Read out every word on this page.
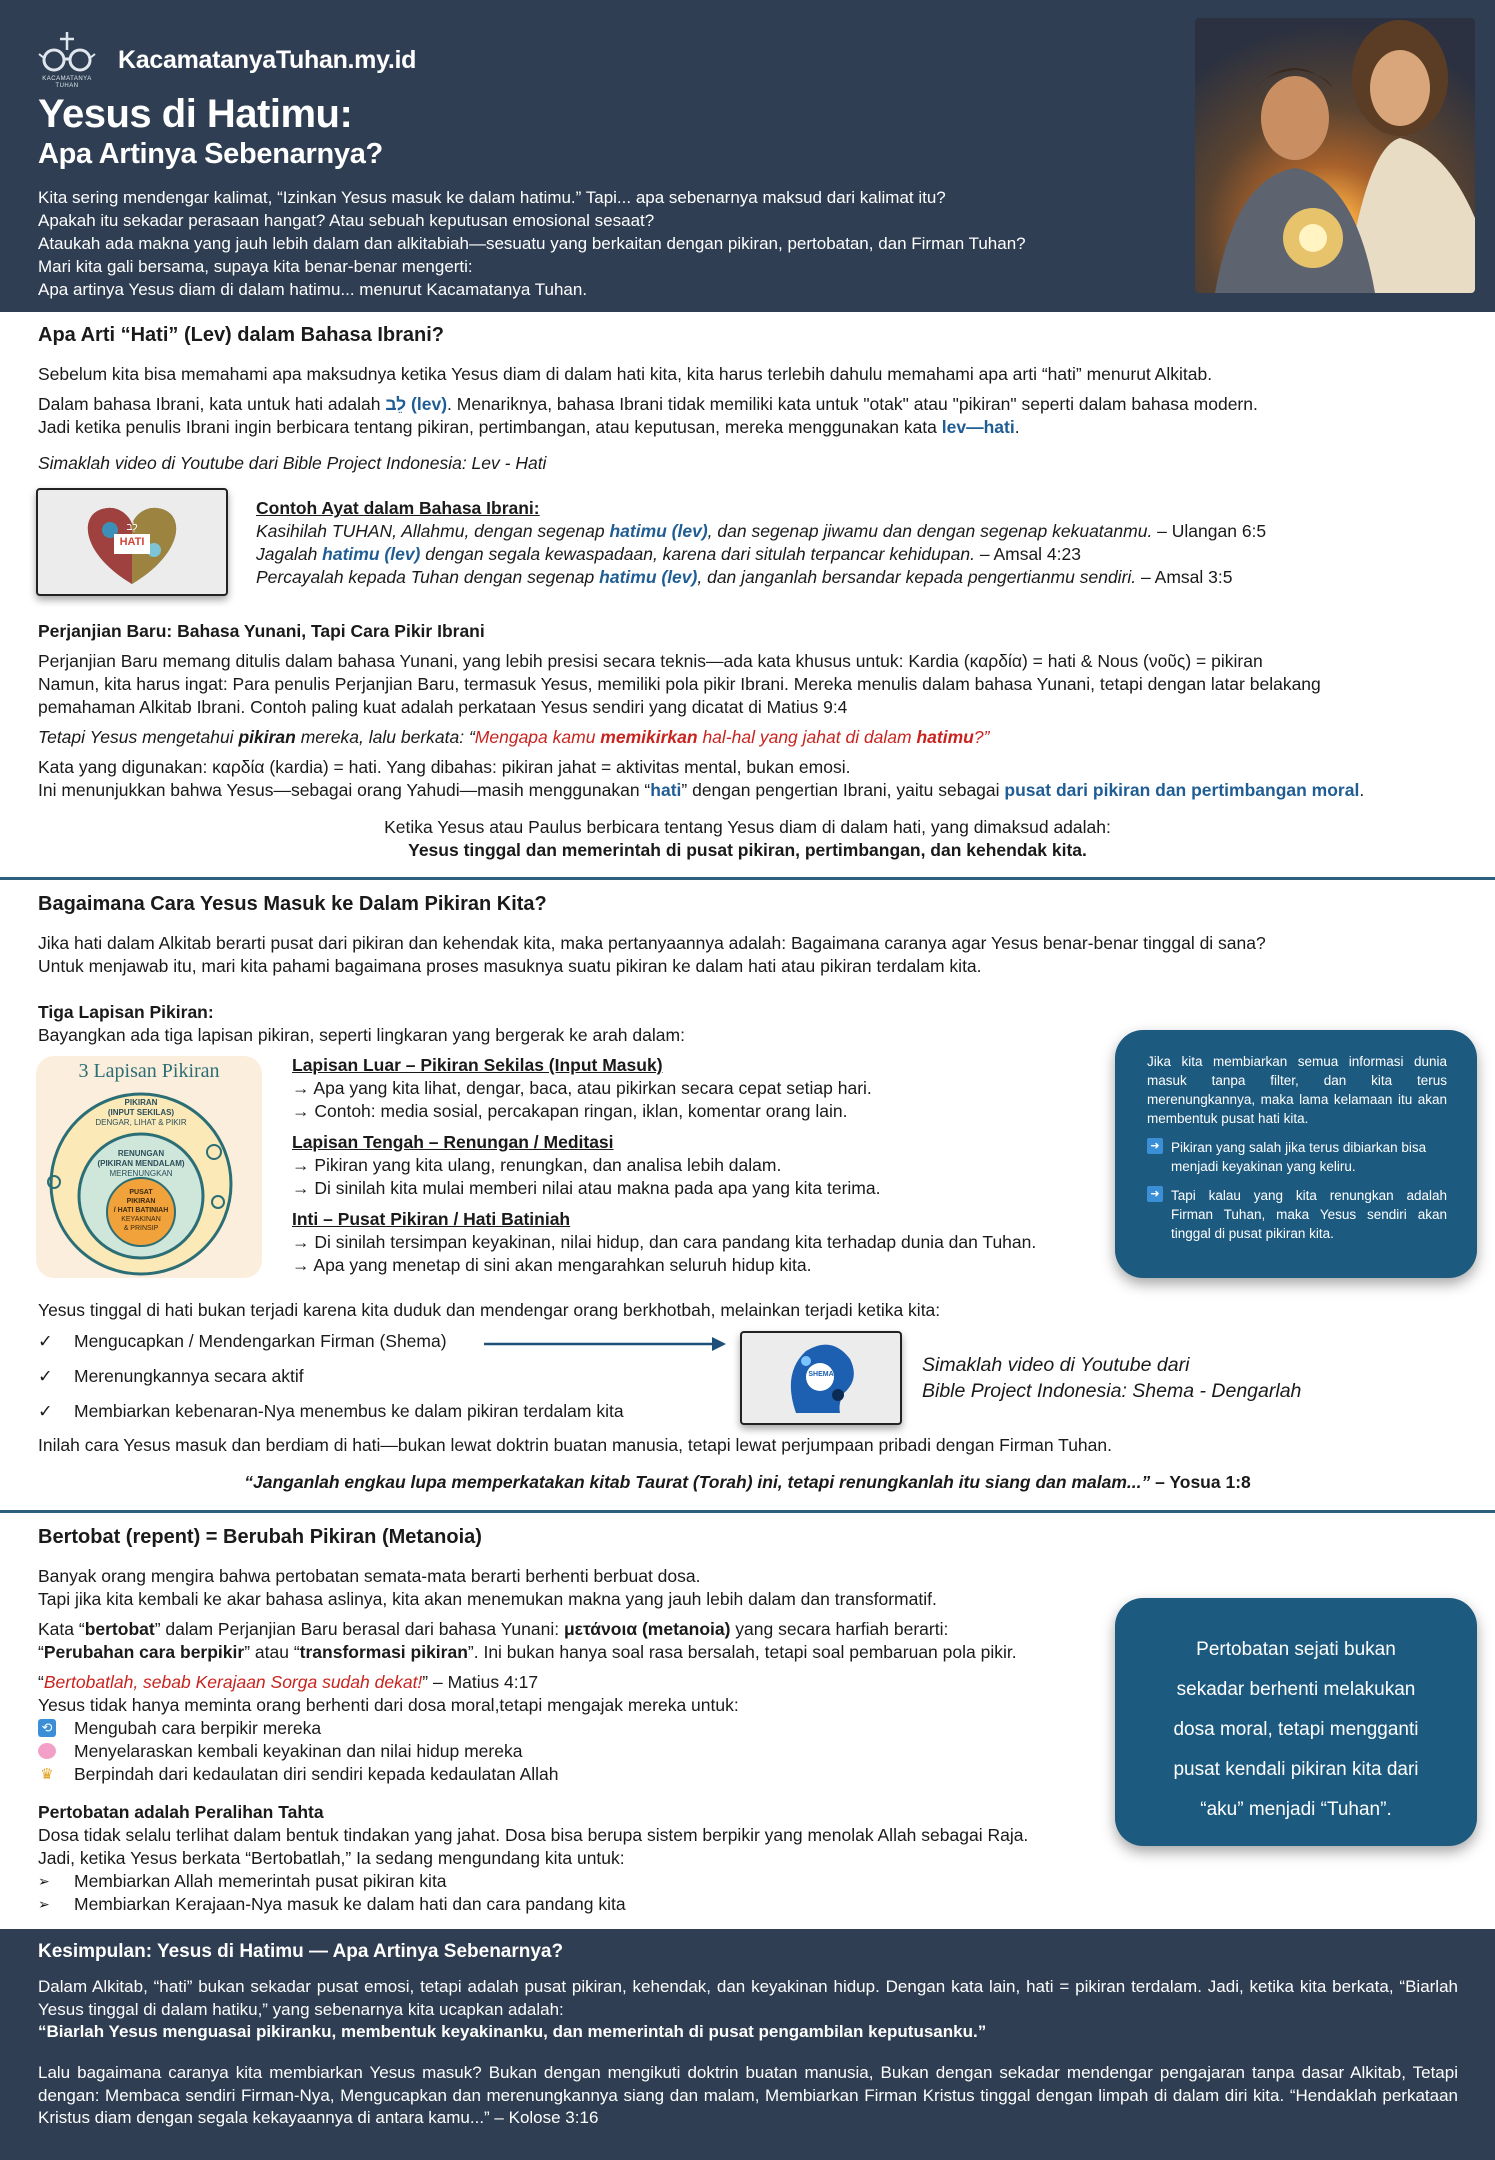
KACAMATANYA TUHAN
KacamatanyaTuhan.my.id
Yesus di Hatimu:
Apa Artinya Sebenarnya?
Kita sering mendengar kalimat, “Izinkan Yesus masuk ke dalam hatimu.” Tapi... apa sebenarnya maksud dari kalimat itu?
Apakah itu sekadar perasaan hangat? Atau sebuah keputusan emosional sesaat?
Ataukah ada makna yang jauh lebih dalam dan alkitabiah—sesuatu yang berkaitan dengan pikiran, pertobatan, dan Firman Tuhan?
Mari kita gali bersama, supaya kita benar-benar mengerti:
Apa artinya Yesus diam di dalam hatimu... menurut Kacamatanya Tuhan.
Apa Arti “Hati” (Lev) dalam Bahasa Ibrani?
Sebelum kita bisa memahami apa maksudnya ketika Yesus diam di dalam hati kita, kita harus terlebih dahulu memahami apa arti “hati” menurut Alkitab.
Dalam bahasa Ibrani, kata untuk hati adalah לֵב (lev). Menariknya, bahasa Ibrani tidak memiliki kata untuk "otak" atau "pikiran" seperti dalam bahasa modern.
Jadi ketika penulis Ibrani ingin berbicara tentang pikiran, pertimbangan, atau keputusan, mereka menggunakan kata lev—hati.
Simaklah video di Youtube dari Bible Project Indonesia: Lev - Hati
HATI
לֵב
Contoh Ayat dalam Bahasa Ibrani:
Kasihilah TUHAN, Allahmu, dengan segenap hatimu (lev), dan segenap jiwamu dan dengan segenap kekuatanmu. – Ulangan 6:5
Jagalah hatimu (lev) dengan segala kewaspadaan, karena dari situlah terpancar kehidupan. – Amsal 4:23
Percayalah kepada Tuhan dengan segenap hatimu (lev), dan janganlah bersandar kepada pengertianmu sendiri. – Amsal 3:5
Perjanjian Baru: Bahasa Yunani, Tapi Cara Pikir Ibrani
Perjanjian Baru memang ditulis dalam bahasa Yunani, yang lebih presisi secara teknis—ada kata khusus untuk: Kardia (καρδία) = hati & Nous (νοῦς) = pikiran
Namun, kita harus ingat: Para penulis Perjanjian Baru, termasuk Yesus, memiliki pola pikir Ibrani. Mereka menulis dalam bahasa Yunani, tetapi dengan latar belakang
pemahaman Alkitab Ibrani. Contoh paling kuat adalah perkataan Yesus sendiri yang dicatat di Matius 9:4
Tetapi Yesus mengetahui pikiran mereka, lalu berkata: “Mengapa kamu memikirkan hal-hal yang jahat di dalam hatimu?”
Kata yang digunakan: καρδία (kardia) = hati. Yang dibahas: pikiran jahat = aktivitas mental, bukan emosi.
Ini menunjukkan bahwa Yesus—sebagai orang Yahudi—masih menggunakan “hati” dengan pengertian Ibrani, yaitu sebagai pusat dari pikiran dan pertimbangan moral.
Ketika Yesus atau Paulus berbicara tentang Yesus diam di dalam hati, yang dimaksud adalah:
Yesus tinggal dan memerintah di pusat pikiran, pertimbangan, dan kehendak kita.
Bagaimana Cara Yesus Masuk ke Dalam Pikiran Kita?
Jika hati dalam Alkitab berarti pusat dari pikiran dan kehendak kita, maka pertanyaannya adalah: Bagaimana caranya agar Yesus benar-benar tinggal di sana?
Untuk menjawab itu, mari kita pahami bagaimana proses masuknya suatu pikiran ke dalam hati atau pikiran terdalam kita.
Tiga Lapisan Pikiran:
Bayangkan ada tiga lapisan pikiran, seperti lingkaran yang bergerak ke arah dalam:
3 Lapisan Pikiran
PIKIRAN
(INPUT SEKILAS)
DENGAR, LIHAT & PIKIR
RENUNGAN
(PIKIRAN MENDALAM)
MERENUNGKAN
PUSAT
PIKIRAN
/ HATI BATINIAH
KEYAKINAN
& PRINSIP
Lapisan Luar – Pikiran Sekilas (Input Masuk)
→ Apa yang kita lihat, dengar, baca, atau pikirkan secara cepat setiap hari.
→ Contoh: media sosial, percakapan ringan, iklan, komentar orang lain.
Lapisan Tengah – Renungan / Meditasi
→ Pikiran yang kita ulang, renungkan, dan analisa lebih dalam.
→ Di sinilah kita mulai memberi nilai atau makna pada apa yang kita terima.
Inti – Pusat Pikiran / Hati Batiniah
→ Di sinilah tersimpan keyakinan, nilai hidup, dan cara pandang kita terhadap dunia dan Tuhan.
→ Apa yang menetap di sini akan mengarahkan seluruh hidup kita.
Jika kita membiarkan semua informasi dunia masuk tanpa filter, dan kita terus merenungkannya, maka lama kelamaan itu akan membentuk pusat hati kita.
➜ Pikiran yang salah jika terus dibiarkan bisa menjadi keyakinan yang keliru.
➜ Tapi kalau yang kita renungkan adalah Firman Tuhan, maka Yesus sendiri akan tinggal di pusat pikiran kita.
Yesus tinggal di hati bukan terjadi karena kita duduk dan mendengar orang berkhotbah, melainkan terjadi ketika kita:
✓	Mengucapkan / Mendengarkan Firman (Shema)
✓	Merenungkannya secara aktif
✓	Membiarkan kebenaran-Nya menembus ke dalam pikiran terdalam kita
SHEMA	Simaklah video di Youtube dari
Bible Project Indonesia: Shema - Dengarlah
Inilah cara Yesus masuk dan berdiam di hati—bukan lewat doktrin buatan manusia, tetapi lewat perjumpaan pribadi dengan Firman Tuhan.
“Janganlah engkau lupa memperkatakan kitab Taurat (Torah) ini, tetapi renungkanlah itu siang dan malam...” – Yosua 1:8
Bertobat (repent) = Berubah Pikiran (Metanoia)
Banyak orang mengira bahwa pertobatan semata-mata berarti berhenti berbuat dosa.
Tapi jika kita kembali ke akar bahasa aslinya, kita akan menemukan makna yang jauh lebih dalam dan transformatif.
Kata “bertobat” dalam Perjanjian Baru berasal dari bahasa Yunani: μετάνοια (metanoia) yang secara harfiah berarti:
“Perubahan cara berpikir” atau “transformasi pikiran”. Ini bukan hanya soal rasa bersalah, tetapi soal pembaruan pola pikir.
“Bertobatlah, sebab Kerajaan Sorga sudah dekat!” – Matius 4:17
Yesus tidak hanya meminta orang berhenti dari dosa moral,tetapi mengajak mereka untuk:
⟲ Mengubah cara berpikir mereka
Menyelaraskan kembali keyakinan dan nilai hidup mereka
♛ Berpindah dari kedaulatan diri sendiri kepada kedaulatan Allah
Pertobatan adalah Peralihan Tahta
Dosa tidak selalu terlihat dalam bentuk tindakan yang jahat. Dosa bisa berupa sistem berpikir yang menolak Allah sebagai Raja.
Jadi, ketika Yesus berkata “Bertobatlah,” Ia sedang mengundang kita untuk:
➢	Membiarkan Allah memerintah pusat pikiran kita
➢	Membiarkan Kerajaan-Nya masuk ke dalam hati dan cara pandang kita
Pertobatan sejati bukan
sekadar berhenti melakukan
dosa moral, tetapi mengganti
pusat kendali pikiran kita dari
“aku” menjadi “Tuhan”.
Kesimpulan: Yesus di Hatimu — Apa Artinya Sebenarnya?
Dalam Alkitab, “hati” bukan sekadar pusat emosi, tetapi adalah pusat pikiran, kehendak, dan keyakinan hidup. Dengan kata lain, hati = pikiran terdalam. Jadi, ketika kita berkata, “Biarlah Yesus tinggal di dalam hatiku,” yang sebenarnya kita ucapkan adalah:
“Biarlah Yesus menguasai pikiranku, membentuk keyakinanku, dan memerintah di pusat pengambilan keputusanku.”
Lalu bagaimana caranya kita membiarkan Yesus masuk? Bukan dengan mengikuti doktrin buatan manusia, Bukan dengan sekadar mendengar pengajaran tanpa dasar Alkitab, Tetapi dengan: Membaca sendiri Firman-Nya, Mengucapkan dan merenungkannya siang dan malam, Membiarkan Firman Kristus tinggal dengan limpah di dalam diri kita. “Hendaklah perkataan Kristus diam dengan segala kekayaannya di antara kamu...” – Kolose 3:16
